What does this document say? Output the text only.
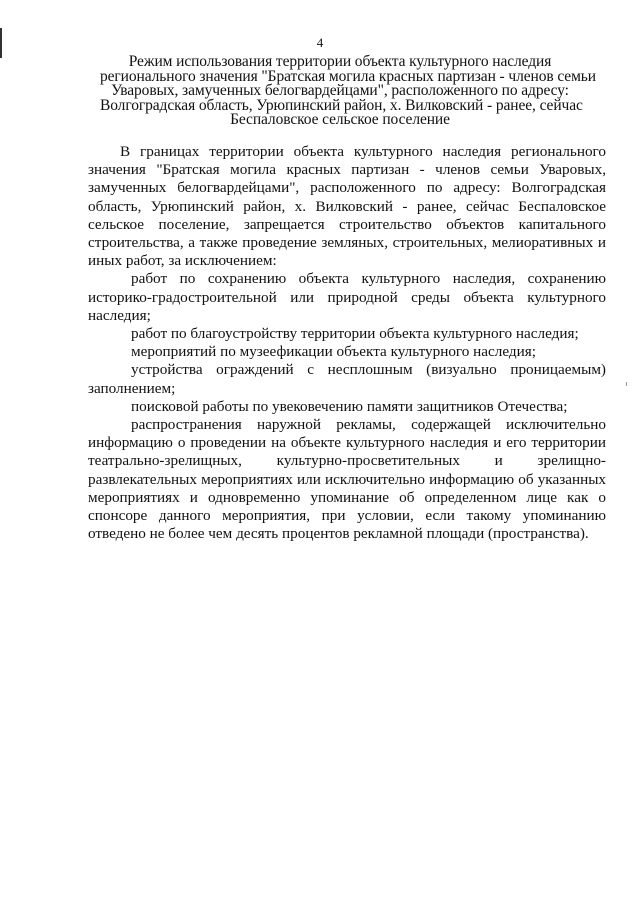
4
Режим использования территории объекта культурного наследия
регионального значения "Братская могила красных партизан - членов семьи
Уваровых, замученных белогвардейцами", расположенного по адресу:
Волгоградская область, Урюпинский район, х. Вилковский - ранее, сейчас
Беспаловское сельское поселение

В границах территории объекта культурного наследия регионального значения "Братская могила красных партизан - членов семьи Уваровых, замученных белогвардейцами", расположенного по адресу: Волгоградская область, Урюпинский район, х. Вилковский - ранее, сейчас Беспаловское сельское поселение, запрещается строительство объектов капитального строительства, а также проведение земляных, строительных, мелиоративных и иных работ, за исключением:

работ по сохранению объекта культурного наследия, сохранению историко-градостроительной или природной среды объекта культурного наследия;

работ по благоустройству территории объекта культурного наследия;

мероприятий по музеефикации объекта культурного наследия;

устройства ограждений с несплошным (визуально проницаемым) заполнением;

поисковой работы по увековечению памяти защитников Отечества;

распространения наружной рекламы, содержащей исключительно информацию о проведении на объекте культурного наследия и его территории театрально-зрелищных, культурно-просветительных и зрелищно-развлекательных мероприятиях или исключительно информацию об указанных мероприятиях и одновременно упоминание об определенном лице как о спонсоре данного мероприятия, при условии, если такому упоминанию отведено не более чем десять процентов рекламной площади (пространства).
